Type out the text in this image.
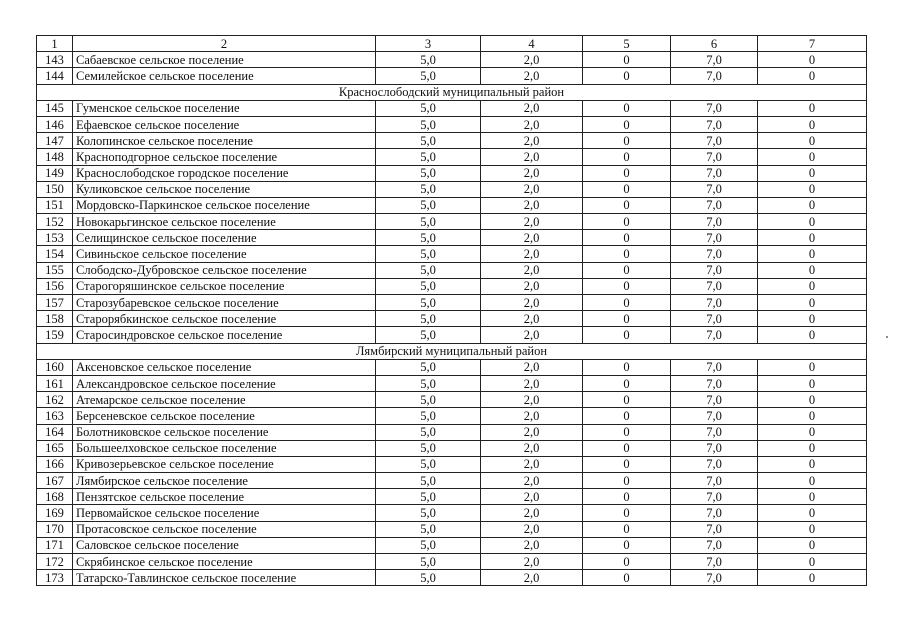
1	2	3	4	5	6	7
143	Сабаевское сельское поселение	5,0	2,0	0	7,0	0
144	Семилейское сельское поселение	5,0	2,0	0	7,0	0
Краснослободский муниципальный район						
145	Гуменское сельское поселение	5,0	2,0	0	7,0	0
146	Ефаевское сельское поселение	5,0	2,0	0	7,0	0
147	Колопинское сельское поселение	5,0	2,0	0	7,0	0
148	Красноподгорное сельское поселение	5,0	2,0	0	7,0	0
149	Краснослободское городское поселение	5,0	2,0	0	7,0	0
150	Куликовское сельское поселение	5,0	2,0	0	7,0	0
151	Мордовско-Паркинское сельское поселение	5,0	2,0	0	7,0	0
152	Новокарьгинское сельское поселение	5,0	2,0	0	7,0	0
153	Селищинское сельское поселение	5,0	2,0	0	7,0	0
154	Сивиньское сельское поселение	5,0	2,0	0	7,0	0
155	Слободско-Дубровское сельское поселение	5,0	2,0	0	7,0	0
156	Старогоряшинское сельское поселение	5,0	2,0	0	7,0	0
157	Старозубаревское сельское поселение	5,0	2,0	0	7,0	0
158	Старорябкинское сельское поселение	5,0	2,0	0	7,0	0
159	Старосиндровское сельское поселение	5,0	2,0	0	7,0	0
Лямбирский муниципальный район						
160	Аксеновское сельское поселение	5,0	2,0	0	7,0	0
161	Александровское сельское поселение	5,0	2,0	0	7,0	0
162	Атемарское сельское поселение	5,0	2,0	0	7,0	0
163	Берсеневское сельское поселение	5,0	2,0	0	7,0	0
164	Болотниковское сельское поселение	5,0	2,0	0	7,0	0
165	Большеелховское сельское поселение	5,0	2,0	0	7,0	0
166	Кривозерьевское сельское поселение	5,0	2,0	0	7,0	0
167	Лямбирское сельское поселение	5,0	2,0	0	7,0	0
168	Пензятское сельское поселение	5,0	2,0	0	7,0	0
169	Первомайское сельское поселение	5,0	2,0	0	7,0	0
170	Протасовское сельское поселение	5,0	2,0	0	7,0	0
171	Саловское сельское поселение	5,0	2,0	0	7,0	0
172	Скрябинское сельское поселение	5,0	2,0	0	7,0	0
173	Татарско-Тавлинское сельское поселение	5,0	2,0	0	7,0	0
